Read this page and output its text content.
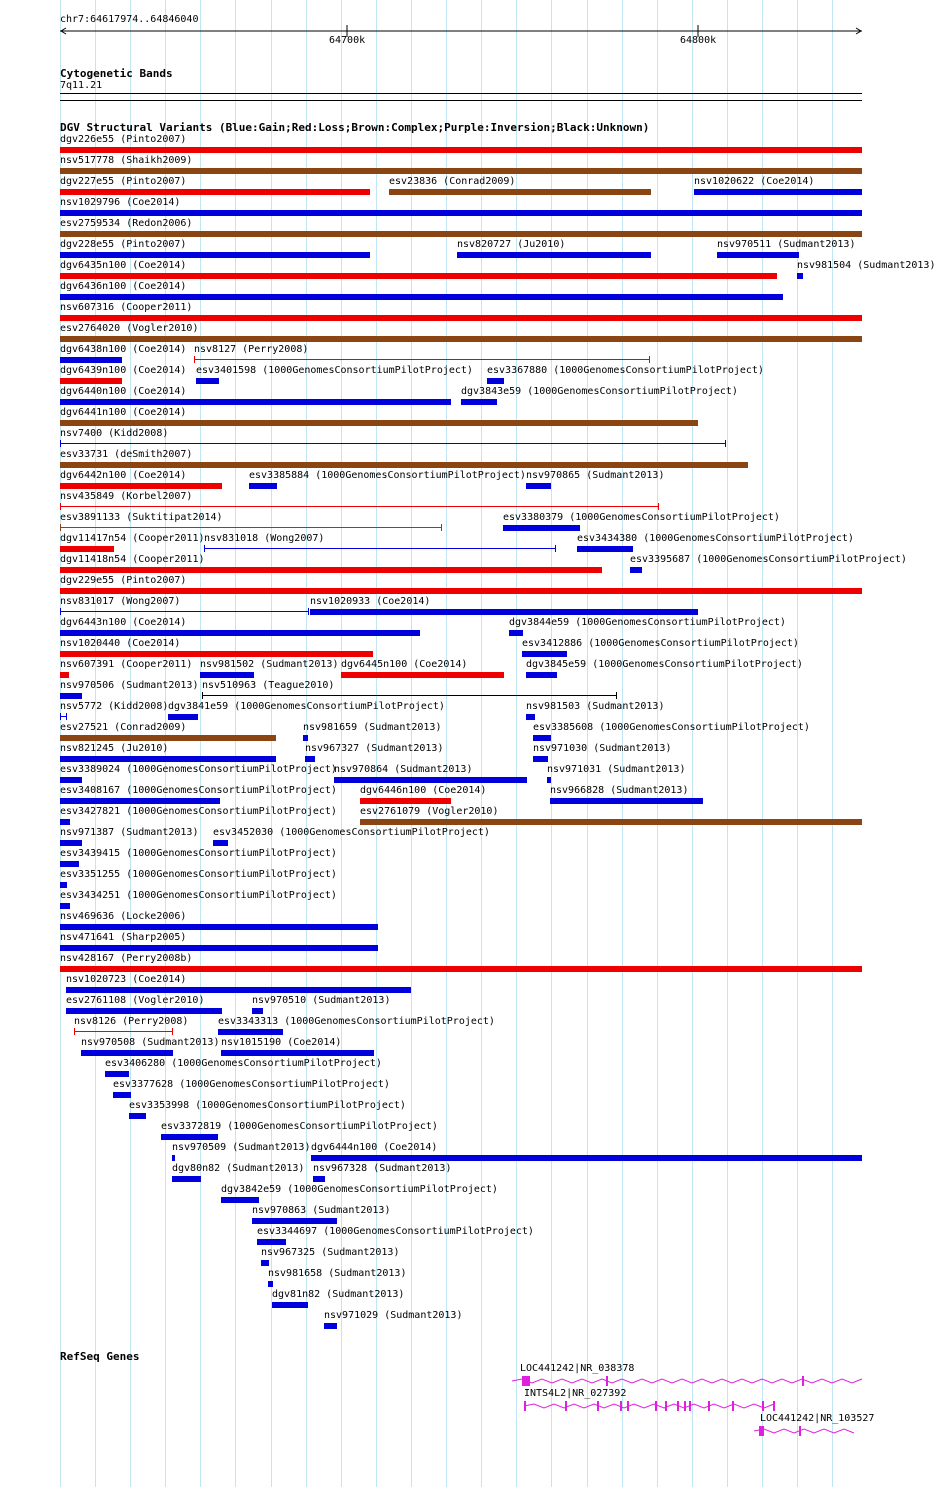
chr7:64617974..64846040
64700k	64800k
Cytogenetic Bands
7q11.21
DGV Structural Variants (Blue:Gain;Red:Loss;Brown:Complex;Purple:Inversion;Black:Unknown)
dgv226e55 (Pinto2007)
nsv517778 (Shaikh2009)
dgv227e55 (Pinto2007)	esv23836 (Conrad2009)	nsv1020622 (Coe2014)
nsv1029796 (Coe2014)
esv2759534 (Redon2006)
dgv228e55 (Pinto2007)	nsv820727 (Ju2010)	nsv970511 (Sudmant2013)
dgv6435n100 (Coe2014)	nsv981504 (Sudmant2013)
dgv6436n100 (Coe2014)
nsv607316 (Cooper2011)
esv2764020 (Vogler2010)
dgv6438n100 (Coe2014) nsv8127 (Perry2008)
dgv6439n100 (Coe2014) esv3401598 (1000GenomesConsortiumPilotProject) esv3367880 (1000GenomesConsortiumPilotProject)
dgv6440n100 (Coe2014)	dgv3843e59 (1000GenomesConsortiumPilotProject)
dgv6441n100 (Coe2014)
nsv7400 (Kidd2008)
esv33731 (deSmith2007)
dgv6442n100 (Coe2014)	esv3385884 (1000GenomesConsortiumPilotProject) nsv970865 (Sudmant2013)
nsv435849 (Korbel2007)
esv3891133 (Suktitipat2014)	esv3380379 (1000GenomesConsortiumPilotProject)
dgv11417n54 (Cooper2011) nsv831018 (Wong2007)	esv3434380 (1000GenomesConsortiumPilotProject)
dgv11418n54 (Cooper2011)	esv3395687 (1000GenomesConsortiumPilotProject)
dgv229e55 (Pinto2007)
nsv831017 (Wong2007)	nsv1020933 (Coe2014)
dgv6443n100 (Coe2014)	dgv3844e59 (1000GenomesConsortiumPilotProject)
nsv1020440 (Coe2014)	esv3412886 (1000GenomesConsortiumPilotProject)
nsv607391 (Cooper2011) nsv981502 (Sudmant2013) dgv6445n100 (Coe2014)	dgv3845e59 (1000GenomesConsortiumPilotProject)
nsv970506 (Sudmant2013) nsv510963 (Teague2010)
nsv5772 (Kidd2008) dgv3841e59 (1000GenomesConsortiumPilotProject)	nsv981503 (Sudmant2013)
esv27521 (Conrad2009)	nsv981659 (Sudmant2013)	esv3385608 (1000GenomesConsortiumPilotProject)
nsv821245 (Ju2010)	nsv967327 (Sudmant2013)	nsv971030 (Sudmant2013)
esv3389024 (1000GenomesConsortiumPilotProject)
nsv970864 (Sudmant2013)	nsv971031 (Sudmant2013)
esv3408167 (1000GenomesConsortiumPilotProject) dgv6446n100 (Coe2014)	nsv966828 (Sudmant2013)
esv3427821 (1000GenomesConsortiumPilotProject) esv2761079 (Vogler2010)
nsv971387 (Sudmant2013) esv3452030 (1000GenomesConsortiumPilotProject)
esv3439415 (1000GenomesConsortiumPilotProject)
esv3351255 (1000GenomesConsortiumPilotProject)
esv3434251 (1000GenomesConsortiumPilotProject)
nsv469636 (Locke2006)
nsv471641 (Sharp2005)
nsv428167 (Perry2008b)
nsv1020723 (Coe2014)
esv2761108 (Vogler2010)	nsv970510 (Sudmant2013)
nsv8126 (Perry2008)	esv3343313 (1000GenomesConsortiumPilotProject)
nsv970508 (Sudmant2013) nsv1015190 (Coe2014)
esv3406280 (1000GenomesConsortiumPilotProject)
esv3377628 (1000GenomesConsortiumPilotProject)
esv3353998 (1000GenomesConsortiumPilotProject)
esv3372819 (1000GenomesConsortiumPilotProject)
nsv970509 (Sudmant2013) dgv6444n100 (Coe2014)
dgv80n82 (Sudmant2013) nsv967328 (Sudmant2013)
dgv3842e59 (1000GenomesConsortiumPilotProject)
nsv970863 (Sudmant2013)
esv3344697 (1000GenomesConsortiumPilotProject)
nsv967325 (Sudmant2013)
nsv981658 (Sudmant2013)
dgv81n82 (Sudmant2013)
nsv971029 (Sudmant2013)
RefSeq Genes
LOC441242|NR_038378
INTS4L2|NR_027392
LOC441242|NR_103527
